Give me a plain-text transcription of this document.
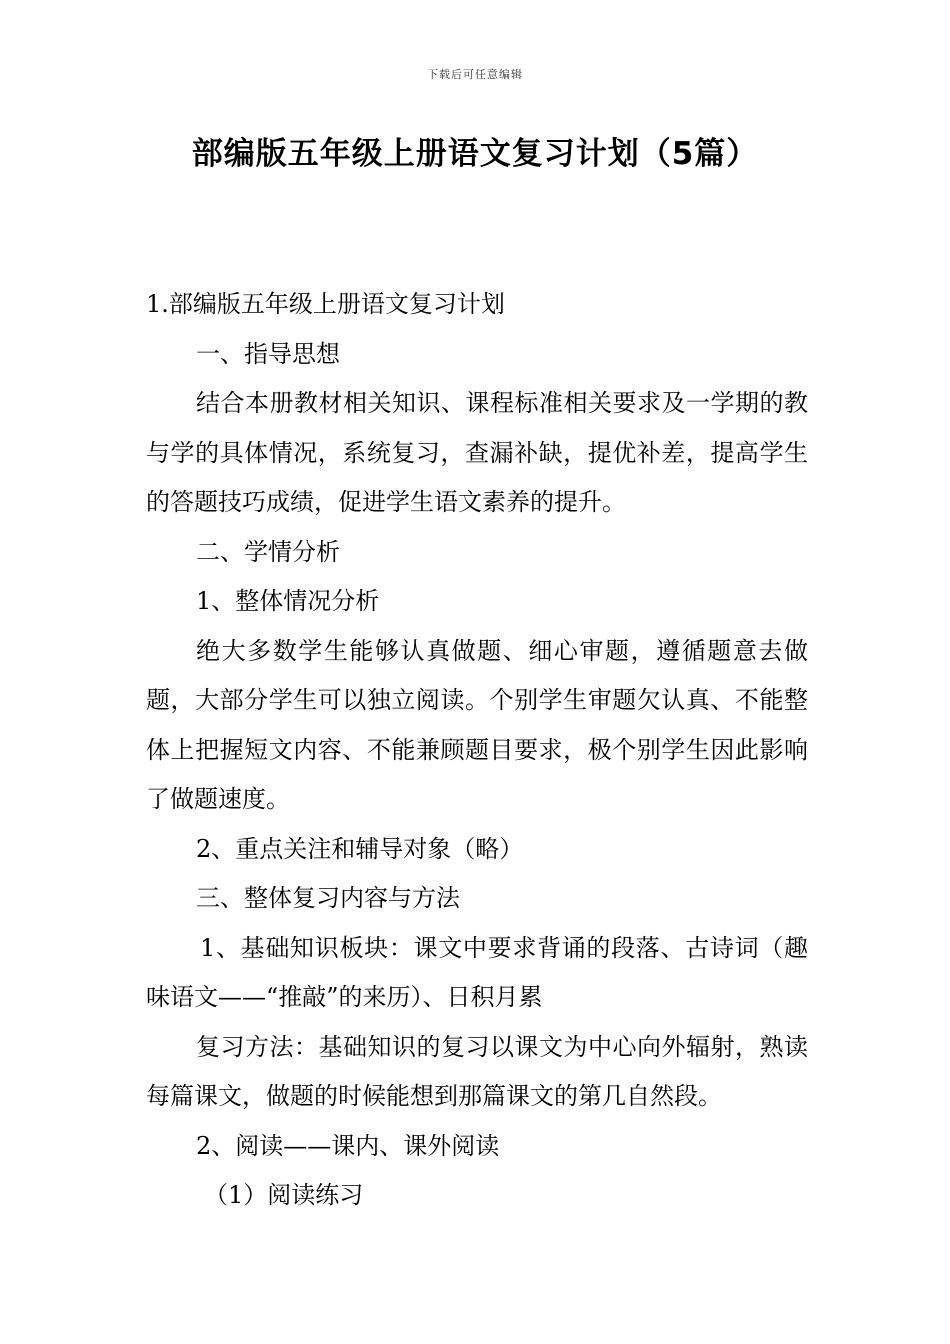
下载后可任意编辑
部编版五年级上册语文复习计划（5篇）

1.部编版五年级上册语文复习计划

一、指导思想

结合本册教材相关知识、课程标准相关要求及一学期的教与学的具体情况，系统复习，查漏补缺，提优补差，提高学生的答题技巧成绩，促进学生语文素养的提升。

二、学情分析

1、整体情况分析

绝大多数学生能够认真做题、细心审题，遵循题意去做题，大部分学生可以独立阅读。个别学生审题欠认真、不能整体上把握短文内容、不能兼顾题目要求，极个别学生因此影响了做题速度。

2、重点关注和辅导对象（略）

三、整体复习内容与方法

1、基础知识板块：课文中要求背诵的段落、古诗词（趣味语文——“推敲”的来历）、日积月累

复习方法：基础知识的复习以课文为中心向外辐射，熟读每篇课文，做题的时候能想到那篇课文的第几自然段。

2、阅读——课内、课外阅读

（1）阅读练习
